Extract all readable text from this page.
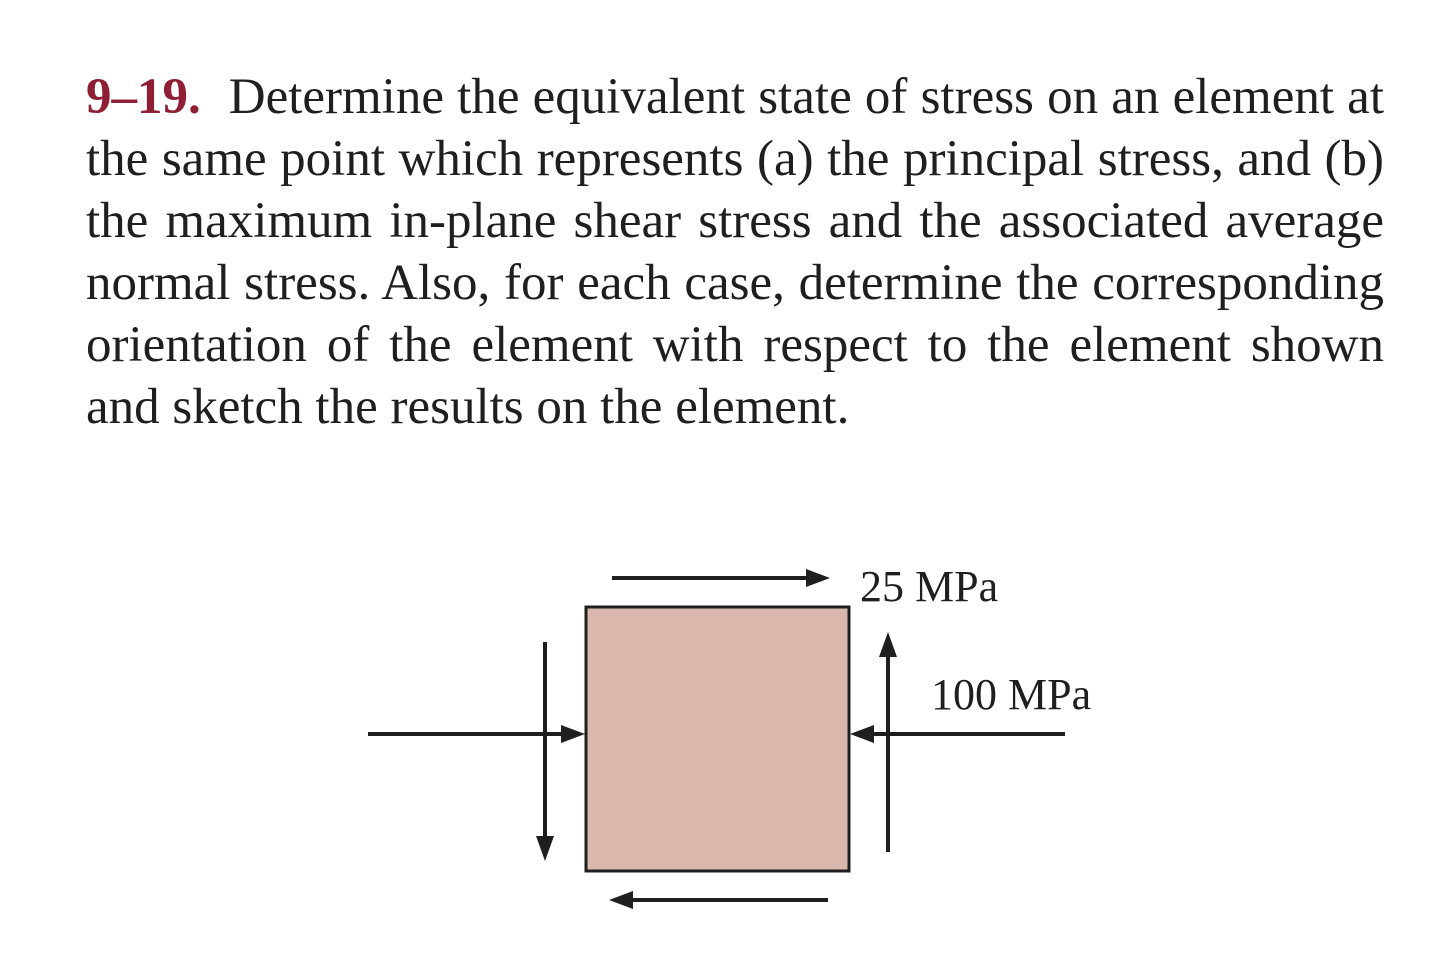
9–19. Determine the equivalent state of stress on an element at the same point which represents (a) the principal stress, and (b) the maximum in-plane shear stress and the associated average normal stress. Also, for each case, determine the corresponding orientation of the element with respect to the element shown and sketch the results on the element.

25 MPa
100 MPa
